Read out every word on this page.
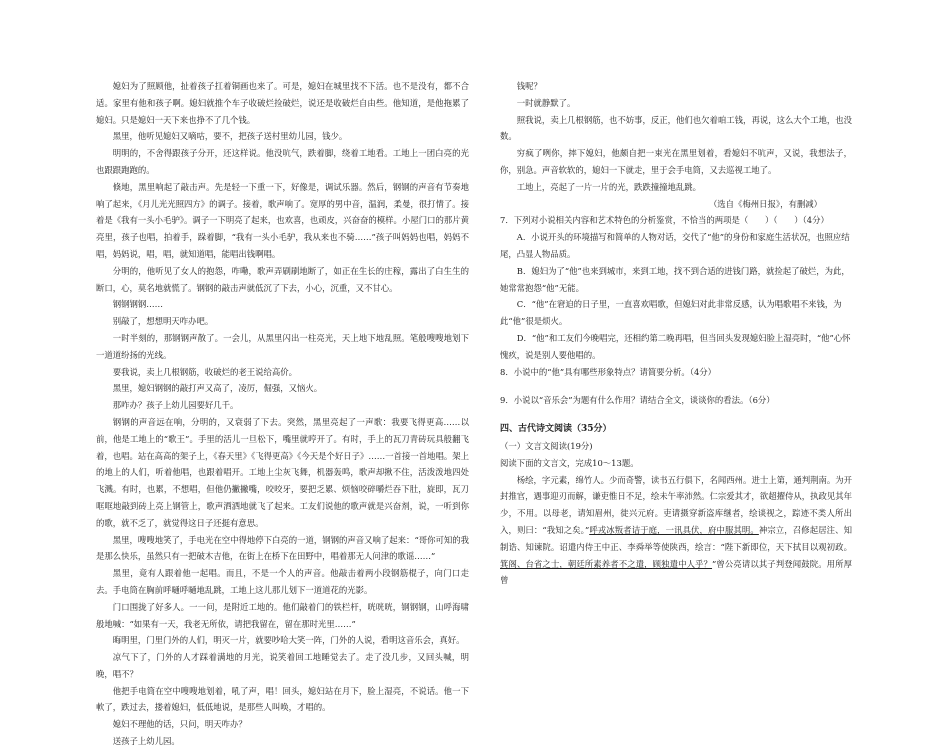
媳妇为了照顾他，扯着孩子扛着铜画也来了。可是，媳妇在城里找不下活。也不是没有，都不合适。家里有他和孩子啊。媳妇就推个车子收破烂捡破烂，说还是收破烂自由些。他知道，是他拖累了媳妇。只是媳妇一天下来也挣不了几个钱。

黑里，他听见媳妇又嘀咕，要不，把孩子送村里幼儿园，钱少。

明明的，不舍得跟孩子分开，还这样说。他没吭气，跌着脚，绕着工地看。工地上一团白亮的光也跟跟跑跑的。

倏地，黑里响起了敲击声。先是轻一下重一下，好像是，调试乐器。然后，钢钢的声音有节奏地响了起来，《月儿光光照四方》的调子。接着，歌声响了。宽厚的男中音，温润，柔曼，很打情了。接着是《我有一头小毛驴》。调子一下明亮了起来，也欢喜，也顽皮，兴奋奋的模样。小屋门口的那片黄亮里，孩子也唱，拍着手，跺着脚，“我有一头小毛驴，我从来也不骑……”孩子叫妈妈也唱，妈妈不唱，妈妈说，唱，唱，就知道唱，能唱出钱啊唱。

分明的，他听见了女人的抱怨，咋嘞，歌声弄刷刷地断了，如正在生长的庄稼，露出了白生生的断口，心，莫名地就慌了。钢钢的敲击声就低沉了下去，小心，沉重，又不甘心。

钢钢钢钢……

别敲了，想想明天咋办吧。

一时半刻的，那钢钢声散了。一会儿，从黑里闪出一柱亮光，天上地下地乱照。笔般嗖嗖地划下一道道纷扬的光线。

要我说，卖上几根钢筋，收破烂的老王说给高价。

黑里，媳妇钢钢的敲打声又高了，凌厉，倔强，又恼火。

那咋办？孩子上幼儿园要好几千。

钢钢的声音远在响，分明的，又衰弱了下去。突然，黑里亮起了一声歌：我要飞得更高……以前，他是工地上的“歌王”。手里的活儿一旦松下，嘴里就哼开了。有时，手上的瓦刀青砖玩具般翻飞着，也唱。站在高高的架子上，《春天里》《飞得更高》《今天是个好日子》……一首接一首地唱。架上的地上的人们，听着他唱，也跟着唱开。工地上尘灰飞舞，机器轰鸣，歌声却揪不住，活泼泼地四处飞溅。有时，也累，不想唱，但他仍撇撇嘴，咬咬牙，要把乏累、烦恼咬碎嚼烂吞下肚，旋即，瓦刀哐哐地敲到砖上亮上钢管上，歌声洒洒地就飞了起来。工友们说他的歌声就是兴奋剂，说，一听到你的歌，就不乏了，就觉得这日子还挺有意思。

黑里，嗖嗖地笑了，手电光在空中得地停下白亮的一道，钢钢的声音又响了起来：“哥你可知的我是那么快乐，虽然只有一把破木吉他，在街上在桥下在田野中，唱着那无人问津的歌谣……”

黑里，竟有人跟着他一起唱。而且，不是一个人的声音。他敲击着两小段钢筋棍子，向门口走去。手电筒在胸前呼嗵呼嗵地乱跳，工地上这儿那儿划下一道道花的光影。

门口围拢了好多人。一一问，是附近工地的。他们敲着门的铁栏杆，咣咣咣，钢钢钢，山呼海啸般地喊：“如果有一天，我老无所依，请把我留在，留在那时光里……”

晦明里，门里门外的人们，明灭一片，就要吵哈大笑一阵，门外的人说，看明这音乐会，真好。

凉气下了，门外的人才踩着满地的月光，说笑着回工地睡觉去了。走了没几步，又回头喊，明晚，唱不？

他把手电筒在空中嗖嗖地划着，吼了声，唱！回头，媳妇站在月下，脸上湿亮，不说话。他一下軟了，跌过去，搂着媳妇，低低地说，是那些人叫唤，才唱的。

媳妇不理他的话，只问，明天咋办？

送孩子上幼儿园。

钱呢？

一时就静默了。

照我说，卖上几根钢筋，也不妨事，反正，他们也欠着咱工钱，再说，这么大个工地，也没数。

穷疯了咧你，摔下媳妇，他颇自把一束光在黑里划着，看媳妇不吭声，又说，我想法子，你，别急。声音软软的，媳妇一下就走，里于会手电筒，又去巡视工地了。

工地上，亮起了一片一片的光，跌跌撞撞地乱跳。

（选自《梅州日报》，有删减）

7．下列对小说相关内容和艺术特色的分析鉴赏，不恰当的两项是（　　）（　　）（4分）

A．小说开头的环境描写和简单的人物对话，交代了“他”的身份和家庭生活状况，也照应结尾，凸显人物品质。

B．媳妇为了“他”也来到城市，来到工地，找不到合适的进钱门路，就捡起了破烂，为此，她常常抱怨“他”无能。

C．“他”在窘迫的日子里，一直喜欢唱歌，但媳妇对此非常反感，认为唱歌唱不来钱，为此“他”很是烦火。

D．“他”和工友们今晚唱完，还相约第二晚再唱，但当回头发现媳妇脸上湿亮时，“他”心怀愧疚，说是别人要他唱的。

8．小说中的“他”具有哪些形象特点？请简要分析。（4分）

9．小说以“音乐会”为题有什么作用？请结合全文，谈谈你的看法。（6分）

四、古代诗文阅读（35分）

（一）文言文阅读(19分)

阅读下面的文言文，完成10～13题。

杨绘，字元素，绵竹人。少而奇警，读书五行俱下，名闻西州。进士上第，通判荆南。为开封推官，遇事迎刃而解，谦吏惟日不足，绘未午率沛然。仁宗爱其才，欲超擢侍从，执政见其年少，不用。以母老，请知眉州，徙兴元府。吏请摄穿新盗库继者，绘谈视之，踪迹不类人所出入，则曰：“我知之矣。”呼戎冰叛者诘于庭，一讯具伏，府中服其明。神宗立，召修起居注、知制诰、知谏院。诏遣内侍王中正、李舜举等使陕西，绘言：“陛下新即位，天下拭目以观初政。箕阁、台省之士，朝廷所素养者不之遣，顾独遣中人乎？”曾公亮请以其子判登闻鼓院。用所厚曾
